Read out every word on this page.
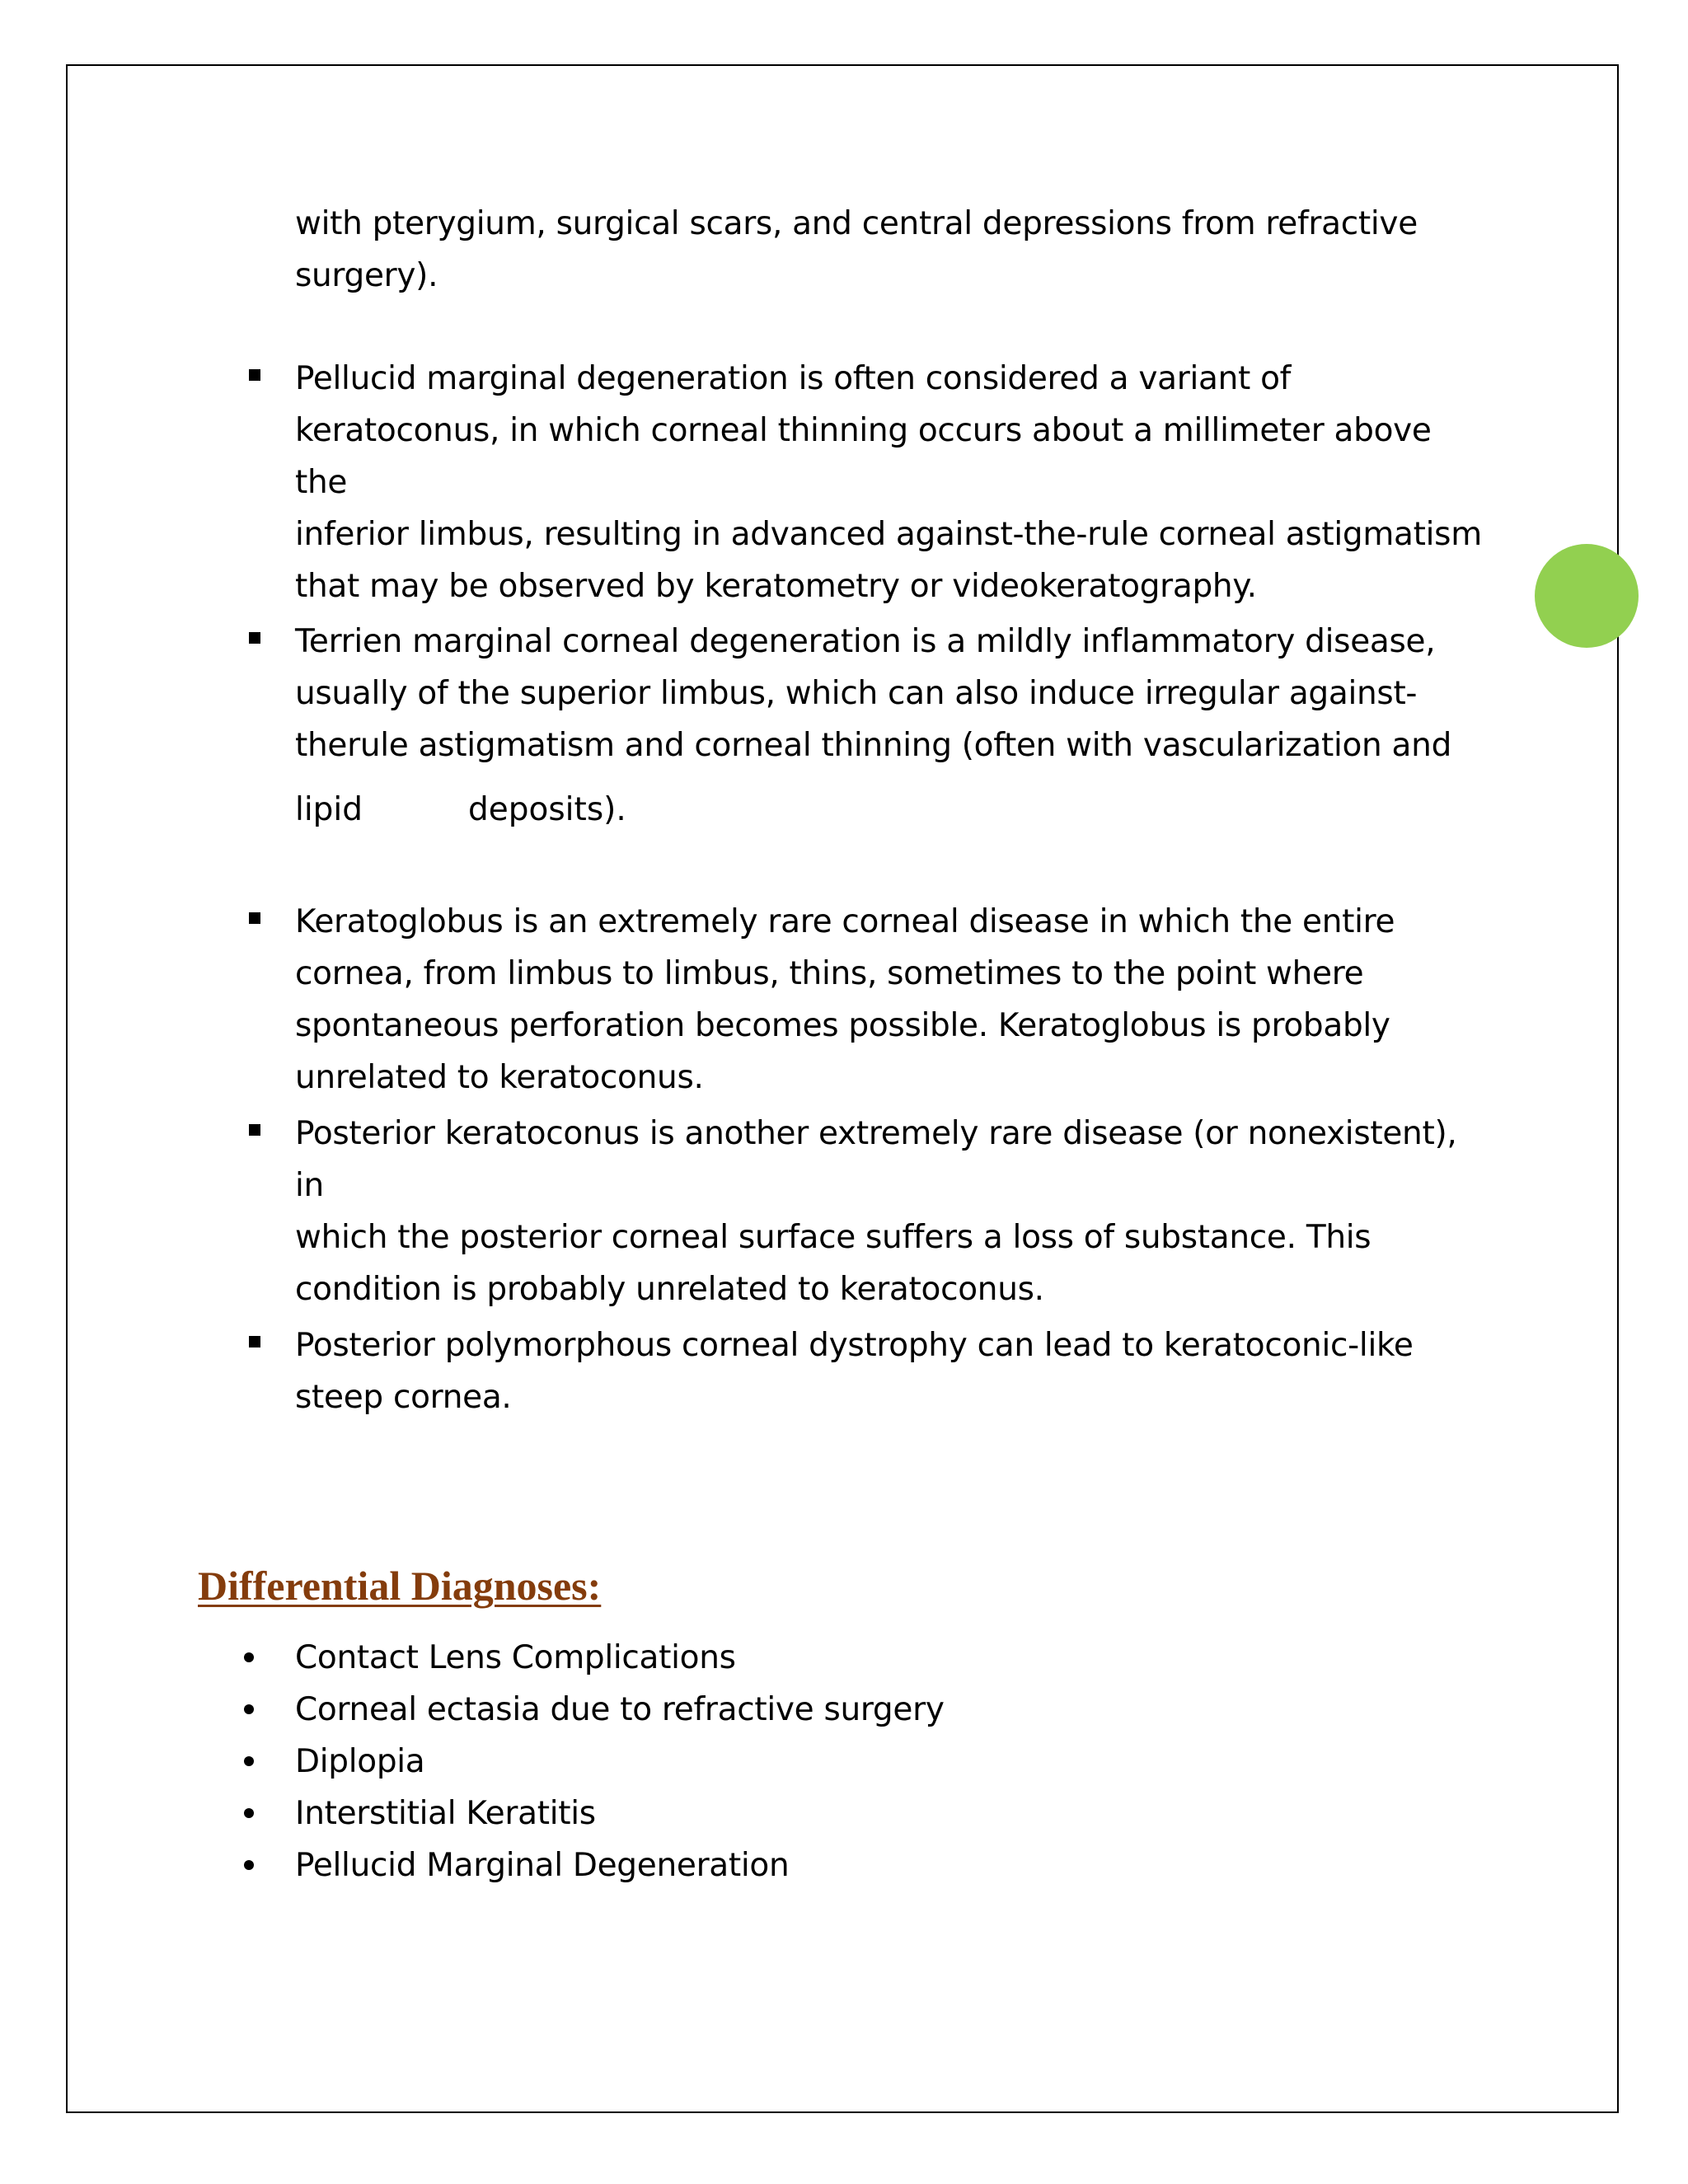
with pterygium, surgical scars, and central depressions from refractive
surgery).
Pellucid marginal degeneration is often considered a variant of
keratoconus, in which corneal thinning occurs about a millimeter above the
inferior limbus, resulting in advanced against-the-rule corneal astigmatism
that may be observed by keratometry or videokeratography.
Terrien marginal corneal degeneration is a mildly inflammatory disease,
usually of the superior limbus, which can also induce irregular against-
therule astigmatism and corneal thinning (often with vascularization and
lipid	deposits).
Keratoglobus is an extremely rare corneal disease in which the entire
cornea, from limbus to limbus, thins, sometimes to the point where
spontaneous perforation becomes possible. Keratoglobus is probably
unrelated to keratoconus.
Posterior keratoconus is another extremely rare disease (or nonexistent), in
which the posterior corneal surface suffers a loss of substance. This
condition is probably unrelated to keratoconus.
Posterior polymorphous corneal dystrophy can lead to keratoconic-like
steep cornea.
Differential Diagnoses:
Contact Lens Complications
Corneal ectasia due to refractive surgery
Diplopia
Interstitial Keratitis
Pellucid Marginal Degeneration
